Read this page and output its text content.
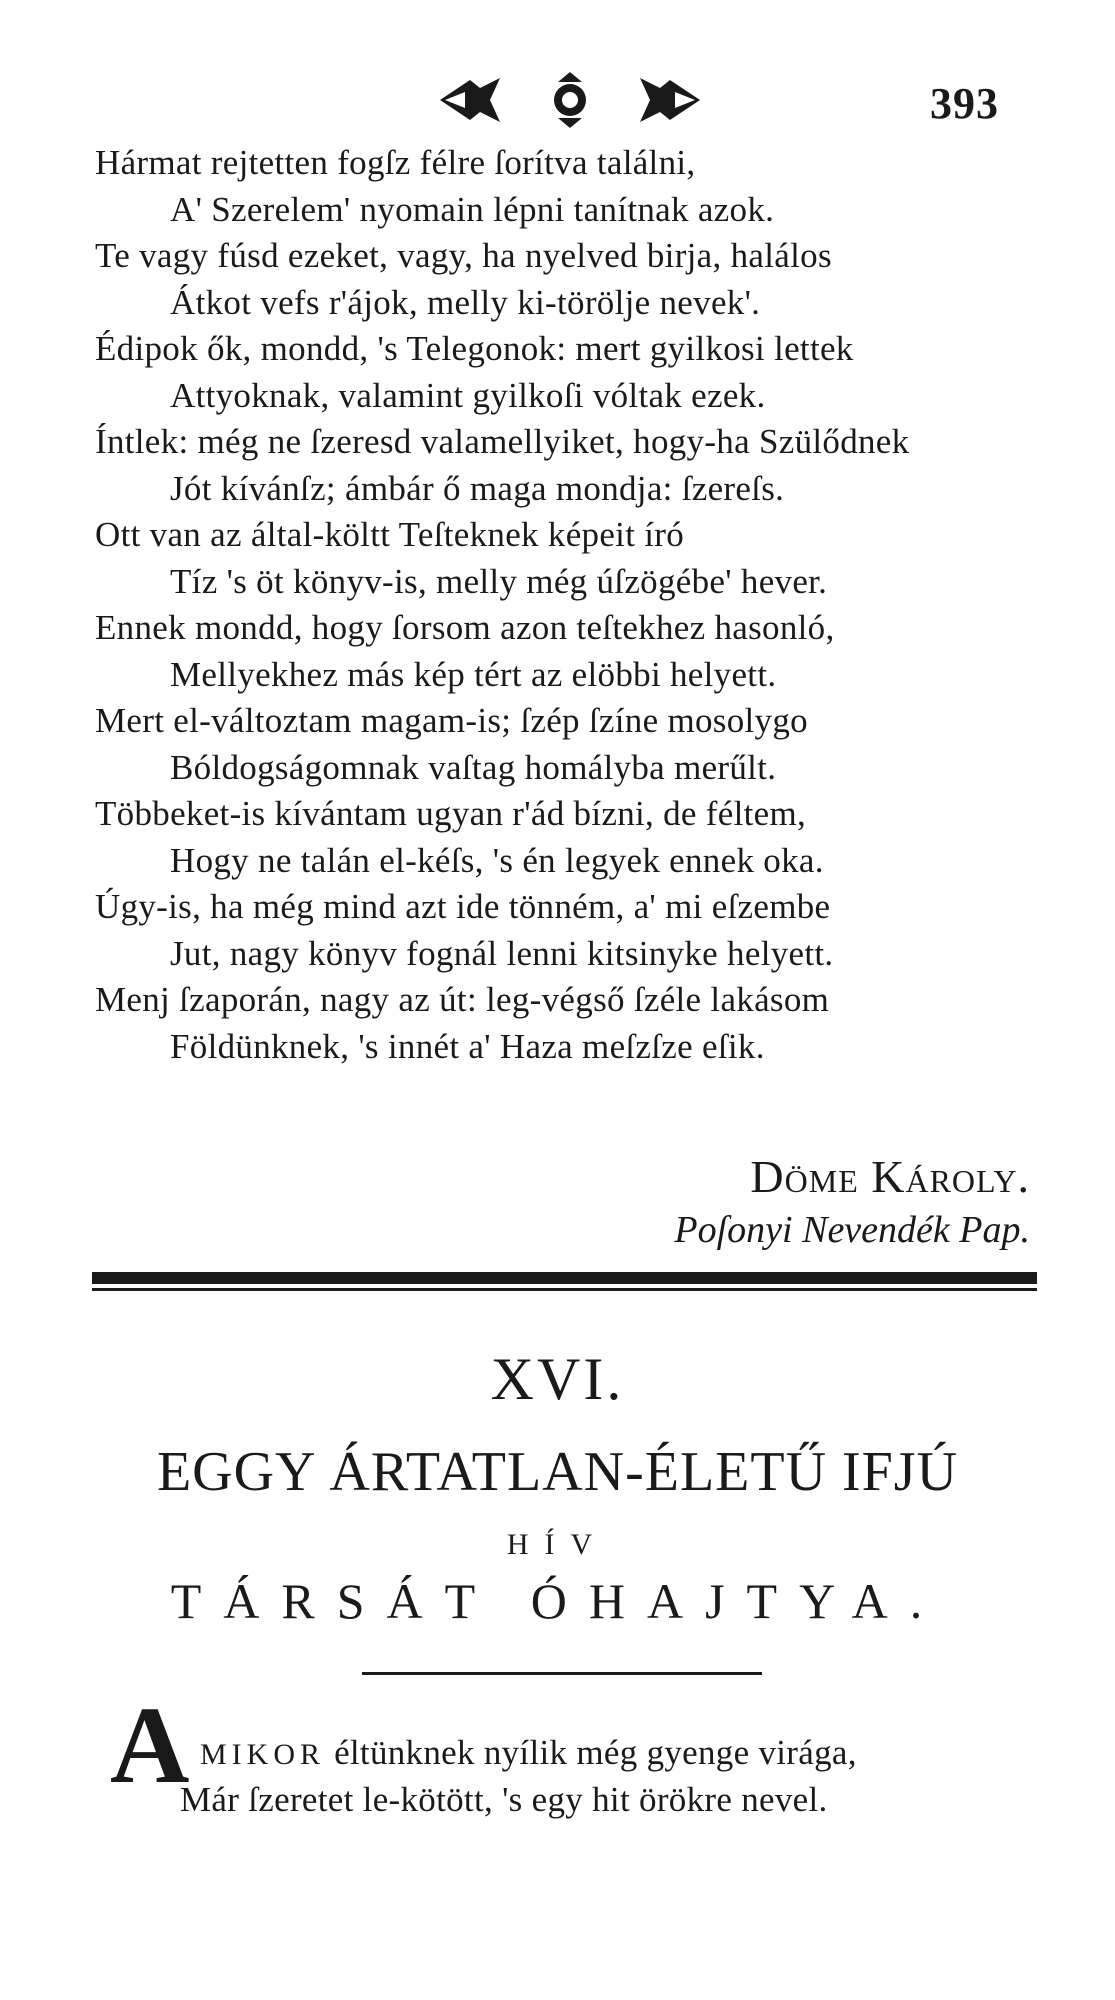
393
Hármat rejtetten fogſz félre ſorítva találni,
A' Szerelem' nyomain lépni tanítnak azok.
Te vagy fúsd ezeket, vagy, ha nyelved birja, halálos
Átkot vefs r'ájok, melly ki-törölje nevek'.
Édipok ők, mondd, 's Telegonok: mert gyilkosi lettek
Attyoknak, valamint gyilkoſi vóltak ezek.
Íntlek: még ne ſzeresd valamellyiket, hogy-ha Szülődnek
Jót kívánſz; ámbár ő maga mondja: ſzereſs.
Ott van az által-költt Teſteknek képeit író
Tíz 's öt könyv-is, melly még úſzögébe' hever.
Ennek mondd, hogy ſorsom azon teſtekhez hasonló,
Mellyekhez más kép tért az elöbbi helyett.
Mert el-változtam magam-is; ſzép ſzíne mosolygo
Bóldogságomnak vaſtag homályba merűlt.
Többeket-is kívántam ugyan r'ád bízni, de féltem,
Hogy ne talán el-kéſs, 's én legyek ennek oka.
Úgy-is, ha még mind azt ide tönném, a' mi eſzembe
Jut, nagy könyv fognál lenni kitsinyke helyett.
Menj ſzaporán, nagy az út: leg-végső ſzéle lakásom
Földünknek, 's innét a' Haza meſzſze eſik.
Döme Károly.
Poſonyi Nevendék Pap.
XVI.
EGGY ÁRTATLAN-ÉLETŰ IFJÚ
HÍV
TÁRSÁT ÓHAJTYA.
A MIKOR éltünknek nyílik még gyenge virága,
Már ſzeretet le-kötött, 's egy hit örökre nevel.
